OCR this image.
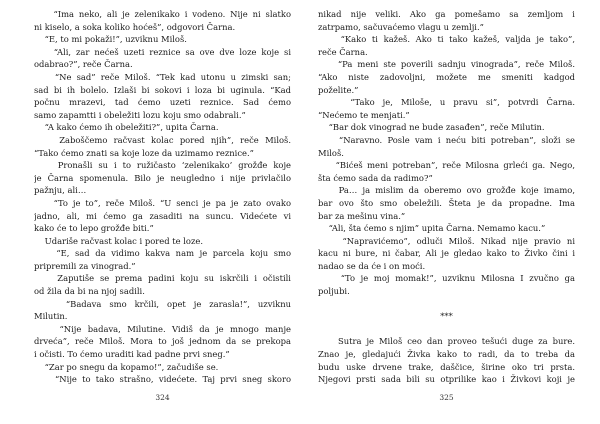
“Ima neko, ali je zelenikako i vodeno. Nije ni slatko
ni kiselo, a soka koliko hoćeš”, odgovori Čarna.
“E, to mi pokaži!”, uzviknu Miloš.
“Ali, zar nećeš uzeti reznice sa ove dve loze koje si
odabrao?”, reče Čarna.
“Ne sad” reče Miloš. “Tek kad utonu u zimski san;
sad bi ih bolelo. Izlaši bi sokovi i loza bi uginula. “Kad
počnu mrazevi, tad ćemo uzeti reznice. Sad ćemo
samo zapamtti i obeležiti lozu koju smo odabrali.”
“A kako ćemo ih obeležiti?”, upita Čarna.
Zaboščemo račvast kolac pored njih”, reče Miloš.
“Tako ćemo znati sa koje loze da uzimamo reznice.”
Pronašli su i to ružičasto ‘zelenikako’ grožđe koje
je Čarna spomenula. Bilo je neugledno i nije privlačilo
pažnju, ali…
“To je to”, reče Miloš. “U senci je pa je zato ovako
jadno, ali, mi ćemo ga zasaditi na suncu. Videćete vi
kako će to lepo grožđe biti.”
Udariše račvast kolac i pored te loze.
“E, sad da vidimo kakva nam je parcela koju smo
pripremili za vinograd.”
Zaputiše se prema padini koju su iskrčili i očistili
od žila da bi na njoj sadili.
“Badava smo krčili, opet je zarasla!”, uzviknu
Milutin.
“Nije badava, Milutine. Vidiš da je mnogo manje
drveća”, reče Miloš. Mora to još jednom da se prekopa
i očisti. To ćemo uraditi kad padne prvi sneg.”
“Zar po snegu da kopamo!”, začudiše se.
“Nije to tako strašno, videćete. Taj prvi sneg skoro
324
nikad nije veliki. Ako ga pomešamo sa zemljom i
zatrpamo, sačuvaćemo vlagu u zemlji.”
“Kako ti kažeš. Ako ti tako kažeš, valjda je tako”,
reče Čarna.
“Pa meni ste poverili sadnju vinograda”, reče Miloš.
“Ako niste zadovoljni, možete me smeniti kadgod
poželite.”
“Tako je, Miloše, u pravu si”, potvrdi Čarna.
“Nećemo te menjati.”
“Bar dok vinograd ne bude zasađen”, reče Milutin.
“Naravno. Posle vam i neću biti potreban”, složi se
Miloš.
“Bićeš meni potreban”, reče Milosna grleći ga. Nego,
šta ćemo sada da radimo?”
Pa… ja mislim da oberemo ovo grožđe koje imamo,
bar ovo što smo obeležili. Šteta je da propadne. Ima
bar za mešinu vina.”
“Ali, šta ćemo s njim” upita Čarna. Nemamo kacu.”
“Napravićemo”, odluči Miloš. Nikad nije pravio ni
kacu ni bure, ni čabar, Ali je gledao kako to Živko čini i
nadao se da će i on moći.
“To je moj momak!”, uzviknu Milosna I zvučno ga
poljubi.
***
Sutra je Miloš ceo dan proveo tešući duge za bure.
Znao je, gledajući Živka kako to radi, da to treba da
budu uske drvene trake, daščice, širine oko tri prsta.
Njegovi prsti sada bili su otprilike kao i Živkovi koji je
325
